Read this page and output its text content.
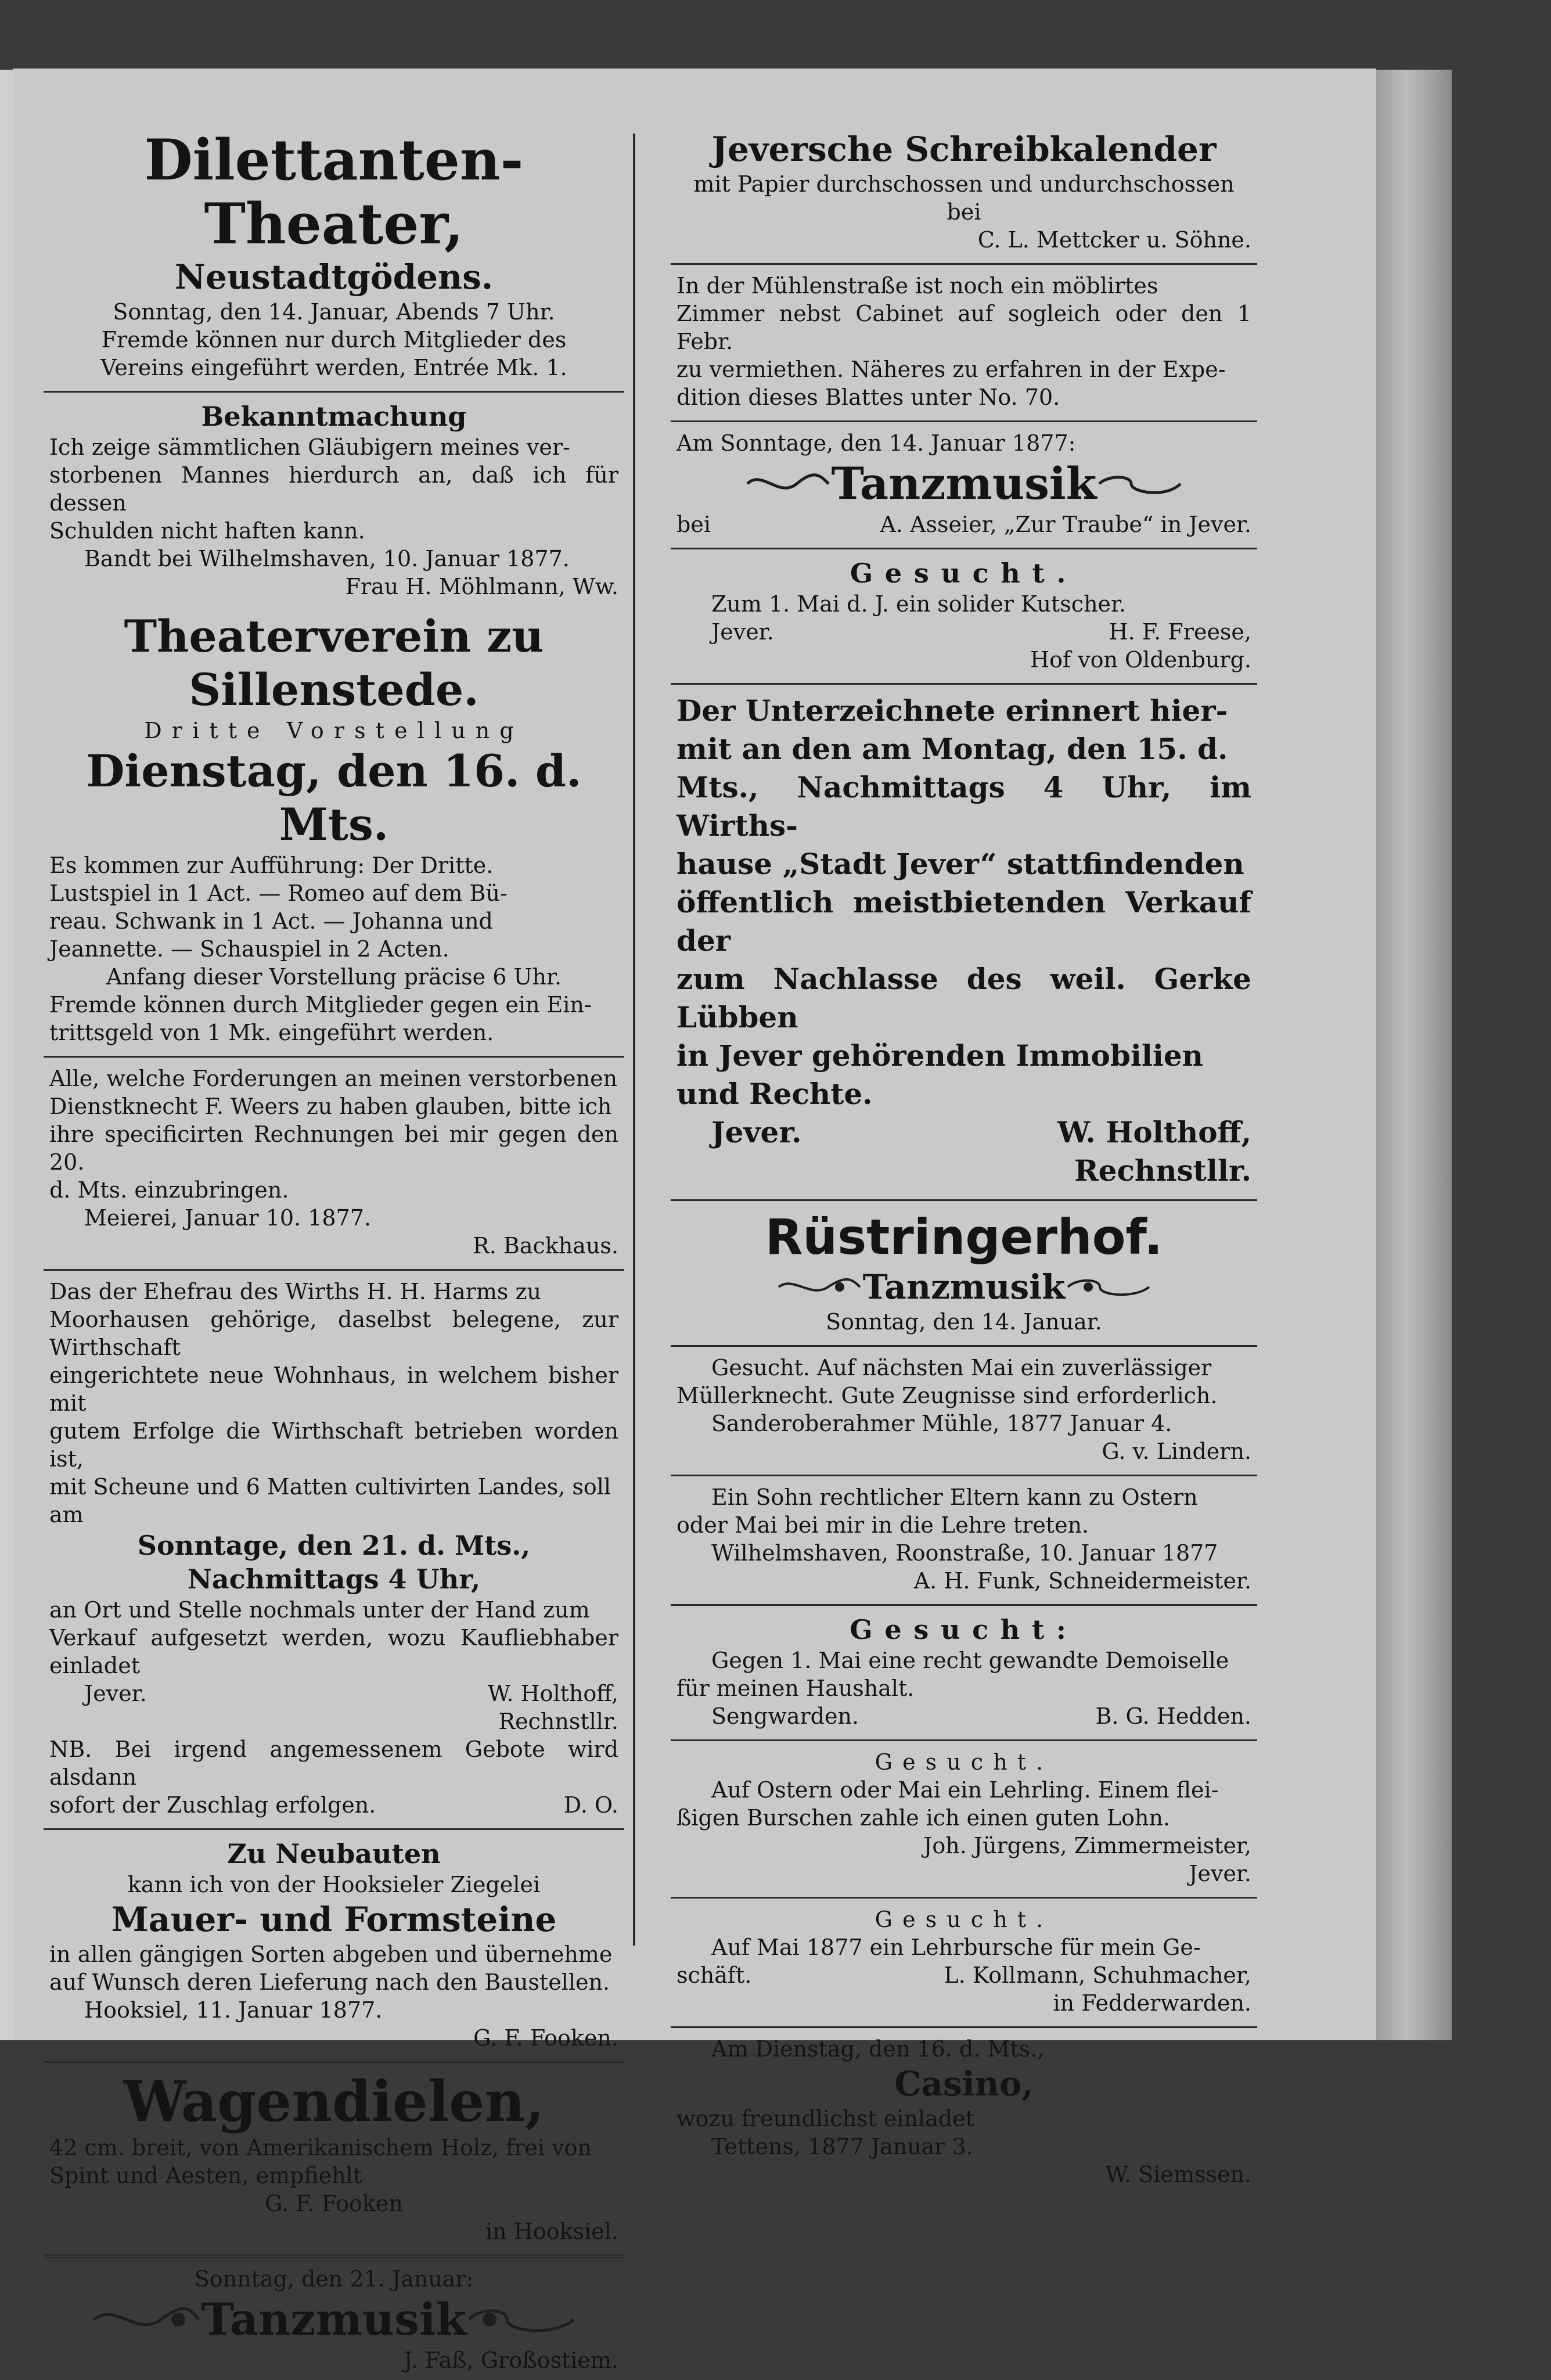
Dilettanten-Theater,

Neustadtgödens.

Sonntag, den 14. Januar, Abends 7 Uhr.

Fremde können nur durch Mitglieder des

Vereins eingeführt werden, Entrée Mk. 1.

Bekanntmachung

Ich zeige sämmtlichen Gläubigern meines ver-

storbenen Mannes hierdurch an, daß ich für dessen

Schulden nicht haften kann.

Bandt bei Wilhelmshaven, 10. Januar 1877.

Frau H. Möhlmann, Ww.

Theaterverein zu Sillenstede.

Dritte Vorstellung

Dienstag, den 16. d. Mts.

Es kommen zur Aufführung: Der Dritte.

Lustspiel in 1 Act. — Romeo auf dem Bü-

reau. Schwank in 1 Act. — Johanna und

Jeannette. — Schauspiel in 2 Acten.

Anfang dieser Vorstellung präcise 6 Uhr.

Fremde können durch Mitglieder gegen ein Ein-

trittsgeld von 1 Mk. eingeführt werden.

Alle, welche Forderungen an meinen verstorbenen

Dienstknecht F. Weers zu haben glauben, bitte ich

ihre specificirten Rechnungen bei mir gegen den 20.

d. Mts. einzubringen.

Meierei, Januar 10. 1877.

R. Backhaus.

Das der Ehefrau des Wirths H. H. Harms zu

Moorhausen gehörige, daselbst belegene, zur Wirthschaft

eingerichtete neue Wohnhaus, in welchem bisher mit

gutem Erfolge die Wirthschaft betrieben worden ist,

mit Scheune und 6 Matten cultivirten Landes, soll

am

Sonntage, den 21. d. Mts.,

Nachmittags 4 Uhr,

an Ort und Stelle nochmals unter der Hand zum

Verkauf aufgesetzt werden, wozu Kaufliebhaber einladet

Jever.	W. Holthoff,

Rechnstllr.

NB. Bei irgend angemessenem Gebote wird alsdann

sofort der Zuschlag erfolgen.	D. O.

Zu Neubauten

kann ich von der Hooksieler Ziegelei

Mauer- und Formsteine

in allen gängigen Sorten abgeben und übernehme

auf Wunsch deren Lieferung nach den Baustellen.

Hooksiel, 11. Januar 1877.

G. F. Fooken.

Wagendielen,

42 cm. breit, von Amerikanischem Holz, frei von

Spint und Aesten, empfiehlt

G. F. Fooken

in Hooksiel.

Sonntag, den 21. Januar:

Tanzmusik

J. Faß, Großostiem.

Jeversche Schreibkalender

mit Papier durchschossen und undurchschossen bei

C. L. Mettcker u. Söhne.

In der Mühlenstraße ist noch ein möblirtes

Zimmer nebst Cabinet auf sogleich oder den 1 Febr.

zu vermiethen. Näheres zu erfahren in der Expe-

dition dieses Blattes unter No. 70.

Am Sonntage, den 14. Januar 1877:

Tanzmusik

bei	A. Asseier, „Zur Traube“ in Jever.

Gesucht.

Zum 1. Mai d. J. ein solider Kutscher.

Jever.	H. F. Freese,

Hof von Oldenburg.

Der Unterzeichnete erinnert hier-

mit an den am Montag, den 15. d.

Mts., Nachmittags 4 Uhr, im Wirths-

hause „Stadt Jever“ stattfindenden

öffentlich meistbietenden Verkauf der

zum Nachlasse des weil. Gerke Lübben

in Jever gehörenden Immobilien

und Rechte.

Jever.	W. Holthoff,

Rechnstllr.

Rüstringerhof.

Tanzmusik

Sonntag, den 14. Januar.

Gesucht. Auf nächsten Mai ein zuverlässiger

Müllerknecht. Gute Zeugnisse sind erforderlich.

Sanderoberahmer Mühle, 1877 Januar 4.

G. v. Lindern.

Ein Sohn rechtlicher Eltern kann zu Ostern

oder Mai bei mir in die Lehre treten.

Wilhelmshaven, Roonstraße, 10. Januar 1877

A. H. Funk, Schneidermeister.

Gesucht:

Gegen 1. Mai eine recht gewandte Demoiselle

für meinen Haushalt.

Sengwarden.	B. G. Hedden.

Gesucht.

Auf Ostern oder Mai ein Lehrling. Einem flei-

ßigen Burschen zahle ich einen guten Lohn.

Joh. Jürgens, Zimmermeister,

Jever.

Gesucht.

Auf Mai 1877 ein Lehrbursche für mein Ge-

schäft.	L. Kollmann, Schuhmacher,

in Fedderwarden.

Am Dienstag, den 16. d. Mts.,

Casino,

wozu freundlichst einladet

Tettens, 1877 Januar 3.

W. Siemssen.
